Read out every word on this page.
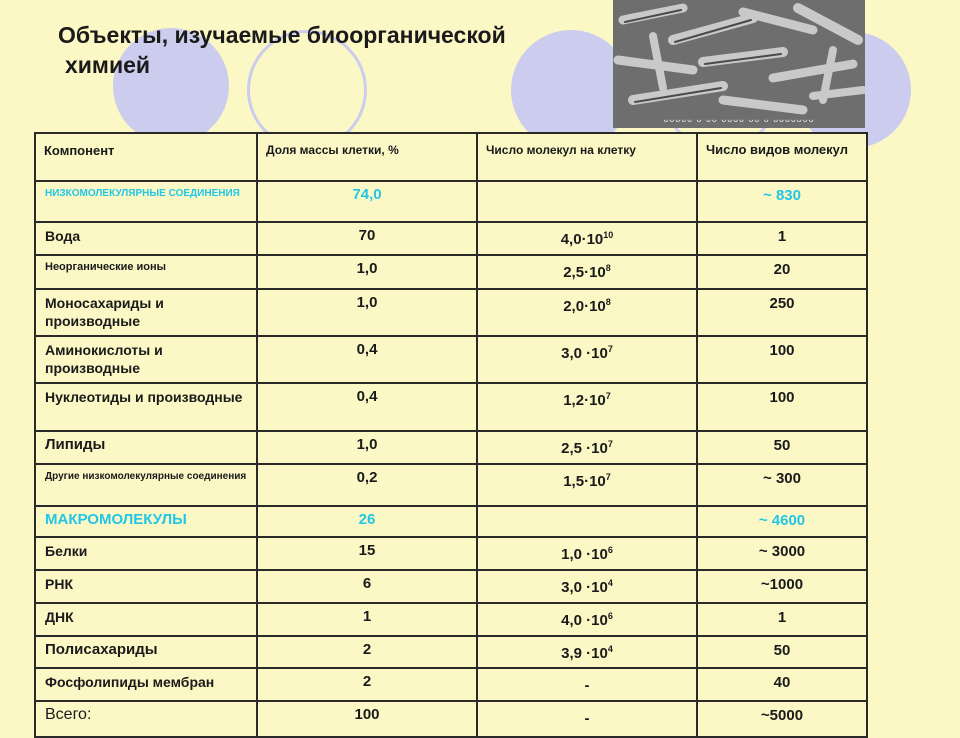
Объекты, изучаемые биоорганической
химией
ᴗᴗᴗᴗᴗ ᴗ ᴗᴗ ᴗᴗᴗᴗ ᴗᴗ ᴗ ᴗᴗᴗᴗᴗᴗᴗ
Компонент	Доля массы клетки, %	Число молекул на клетку	Число видов молекул
НИЗКОМОЛЕКУЛЯРНЫЕ СОЕДИНЕНИЯ	74,0		~ 830
Вода	70	$4,0\cdot 10^{10}$	1
Неорганические ионы	1,0	$2,5\cdot 10^8$	20
Моносахариды и производные	1,0	$2,0\cdot 10^8$	250
Аминокислоты и производные	0,4	$3,0 \cdot 10^7$	100
Нуклеотиды и производные	0,4	$1,2\cdot 10^7$	100
Липиды	1,0	$2,5 \cdot 10^7$	50
Другие низкомолекулярные соединения	0,2	$1,5\cdot 10^7$	~ 300
МАКРОМОЛЕКУЛЫ	26		~ 4600
Белки	15	$1,0 \cdot 10^6$	~ 3000
РНК	6	$3,0 \cdot 10^4$	~1000
ДНК	1	$4,0 \cdot 10^6$	1
Полисахариды	2	$3,9 \cdot 10^4$	50
Фосфолипиды мембран	2	-	40
Всего:	100	-	~5000
